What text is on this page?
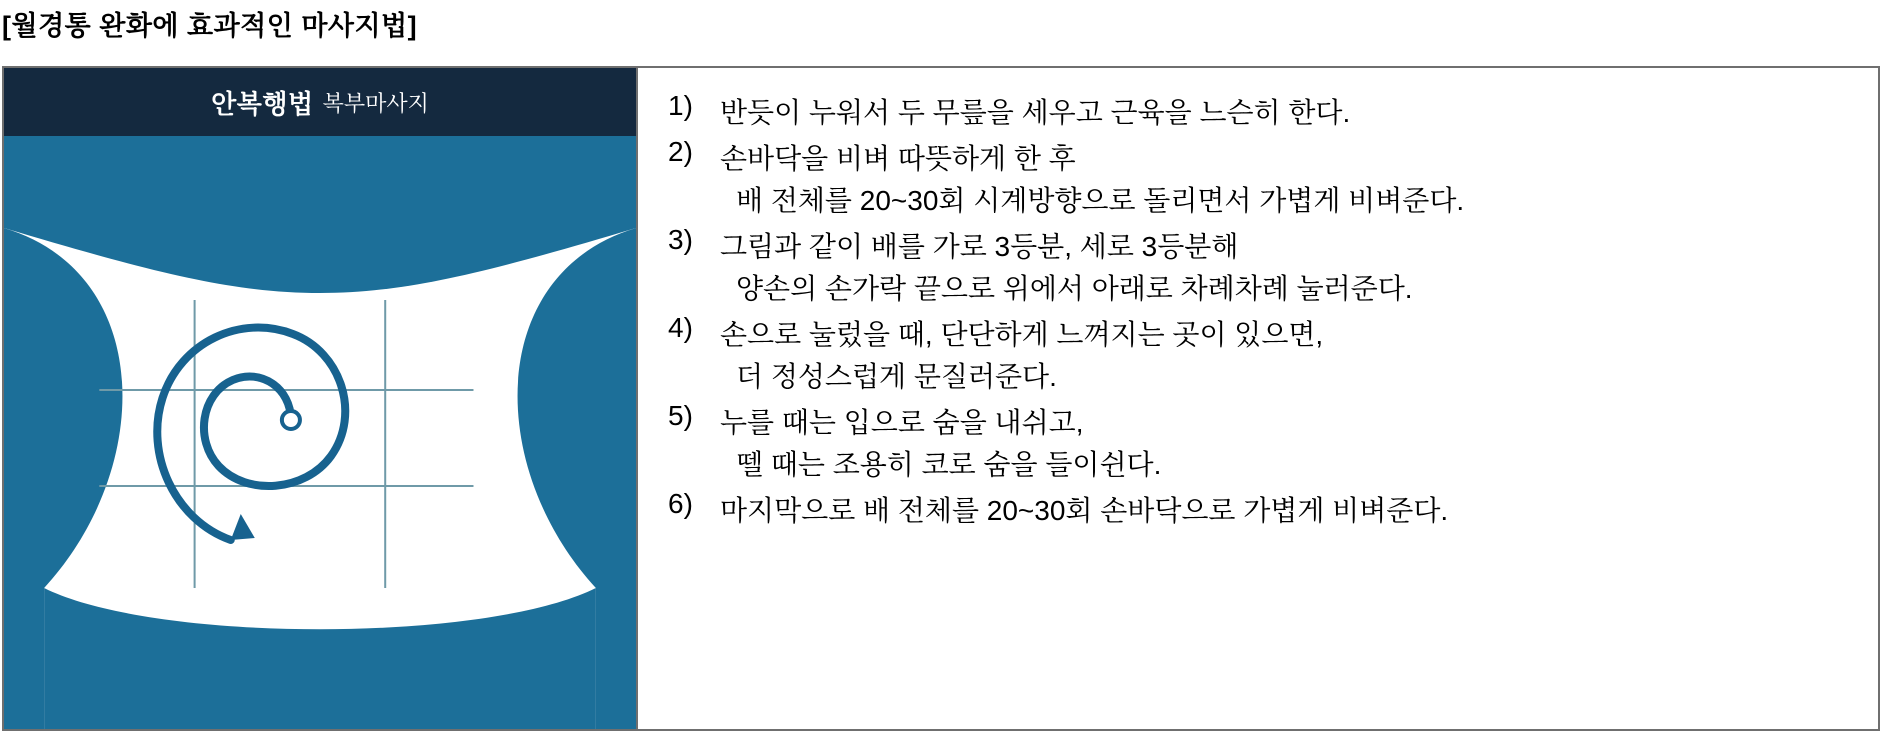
[월경통 완화에 효과적인 마사지법]
안복행법 복부마사지	1) 반듯이 누워서 두 무릎을 세우고 근육을 느슨히 한다.
2) 손바닥을 비벼 따뜻하게 한 후
배 전체를 20~30회 시계방향으로 돌리면서 가볍게 비벼준다.
3) 그림과 같이 배를 가로 3등분, 세로 3등분해
양손의 손가락 끝으로 위에서 아래로 차례차례 눌러준다.
4) 손으로 눌렀을 때, 단단하게 느껴지는 곳이 있으면,
더 정성스럽게 문질러준다.
5) 누를 때는 입으로 숨을 내쉬고,
뗄 때는 조용히 코로 숨을 들이쉰다.
6) 마지막으로 배 전체를 20~30회 손바닥으로 가볍게 비벼준다.
